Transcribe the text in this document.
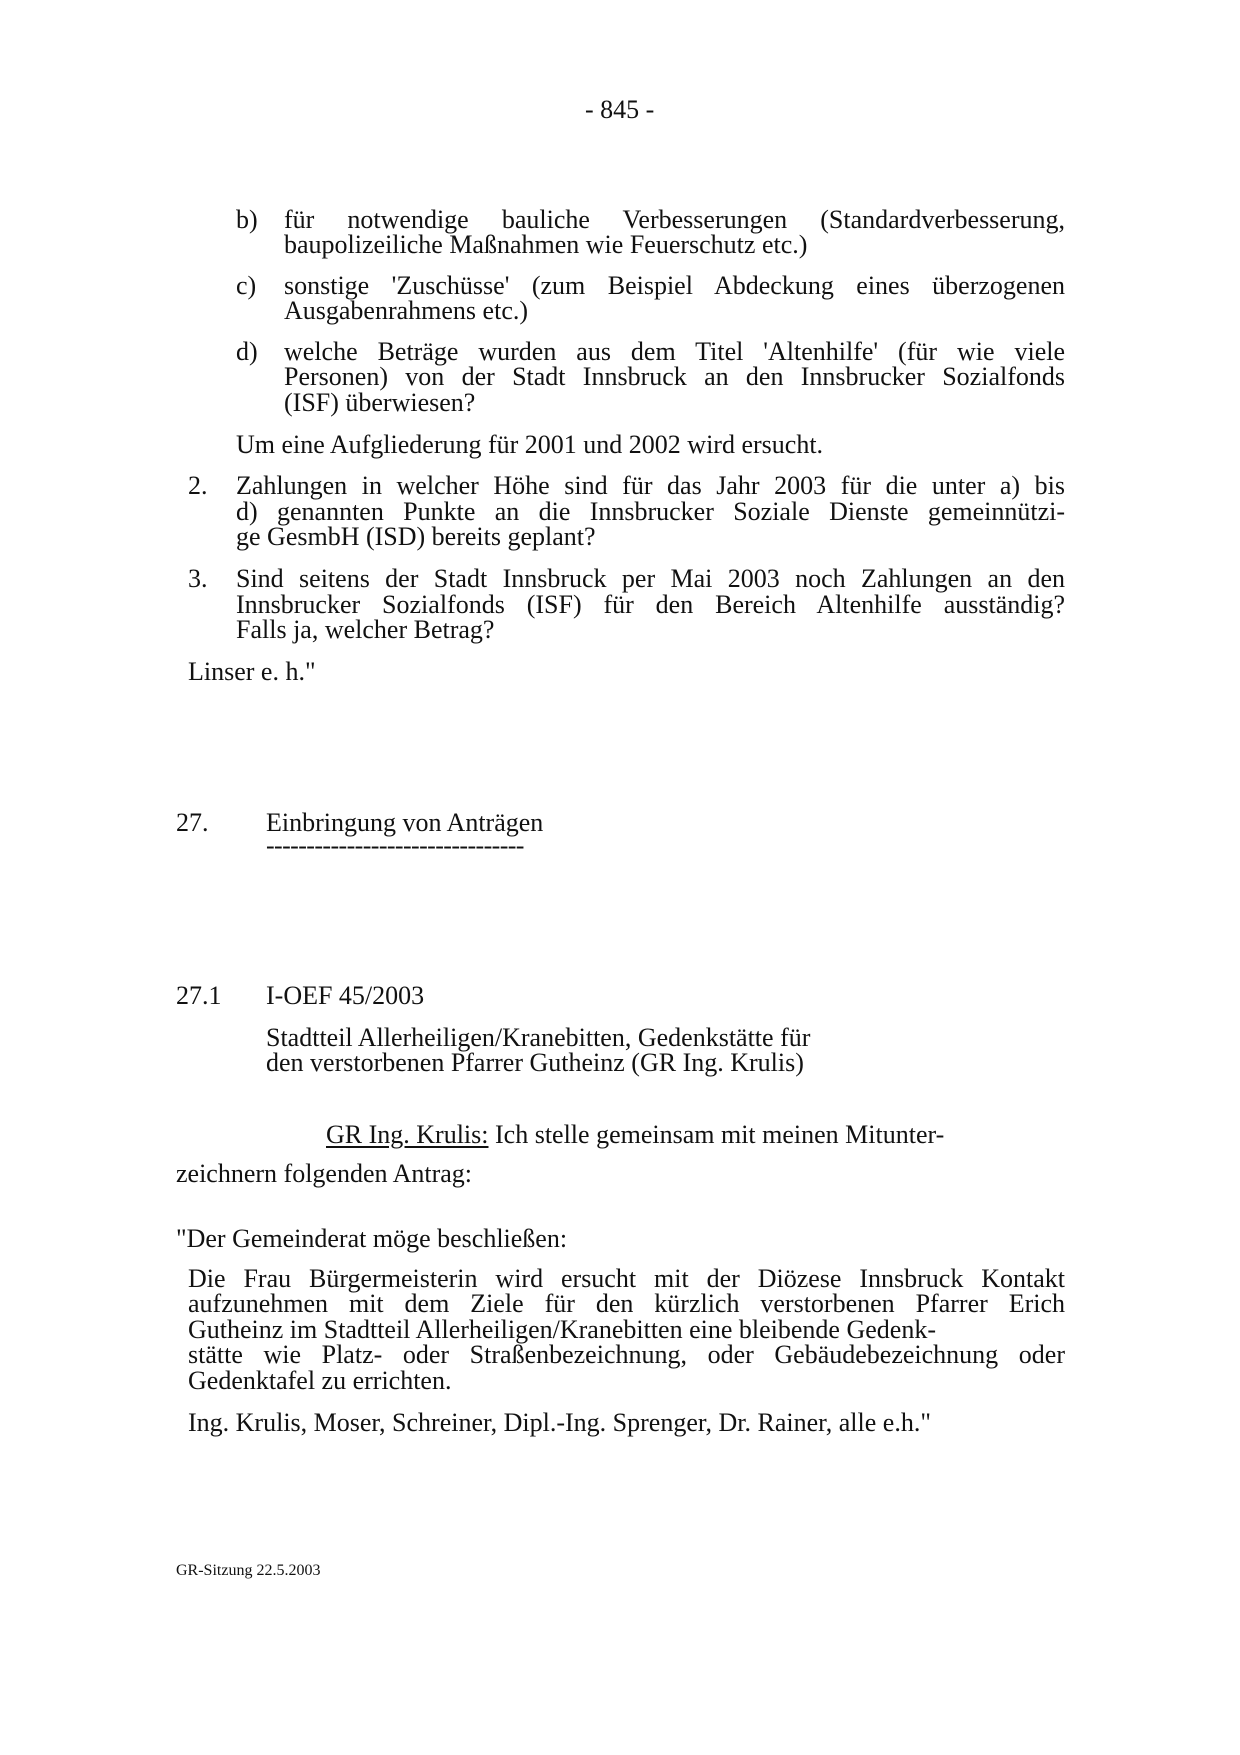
- 845 -
b) für notwendige bauliche Verbesserungen (Standardverbesserung,
baupolizeiliche Maßnahmen wie Feuerschutz etc.)
c) sonstige 'Zuschüsse' (zum Beispiel Abdeckung eines überzogenen
Ausgabenrahmens etc.)
d) welche Beträge wurden aus dem Titel 'Altenhilfe' (für wie viele
Personen) von der Stadt Innsbruck an den Innsbrucker Sozialfonds
(ISF) überwiesen?
Um eine Aufgliederung für 2001 und 2002 wird ersucht.
2. Zahlungen in welcher Höhe sind für das Jahr 2003 für die unter a) bis
d) genannten Punkte an die Innsbrucker Soziale Dienste gemeinnützi-
ge GesmbH (ISD) bereits geplant?
3. Sind seitens der Stadt Innsbruck per Mai 2003 noch Zahlungen an den
Innsbrucker Sozialfonds (ISF) für den Bereich Altenhilfe ausständig?
Falls ja, welcher Betrag?
Linser e. h."
27. Einbringung von Anträgen
--------------------------------
27.1 I-OEF 45/2003
Stadtteil Allerheiligen/Kranebitten, Gedenkstätte für
den verstorbenen Pfarrer Gutheinz (GR Ing. Krulis)
GR Ing. Krulis: Ich stelle gemeinsam mit meinen Mitunter-
zeichnern folgenden Antrag:
"Der Gemeinderat möge beschließen:
Die Frau Bürgermeisterin wird ersucht mit der Diözese Innsbruck Kontakt
aufzunehmen mit dem Ziele für den kürzlich verstorbenen Pfarrer Erich
Gutheinz im Stadtteil Allerheiligen/Kranebitten eine bleibende Gedenk-
stätte wie Platz- oder Straßenbezeichnung, oder Gebäudebezeichnung oder
Gedenktafel zu errichten.
Ing. Krulis, Moser, Schreiner, Dipl.-Ing. Sprenger, Dr. Rainer, alle e.h."
GR-Sitzung 22.5.2003
